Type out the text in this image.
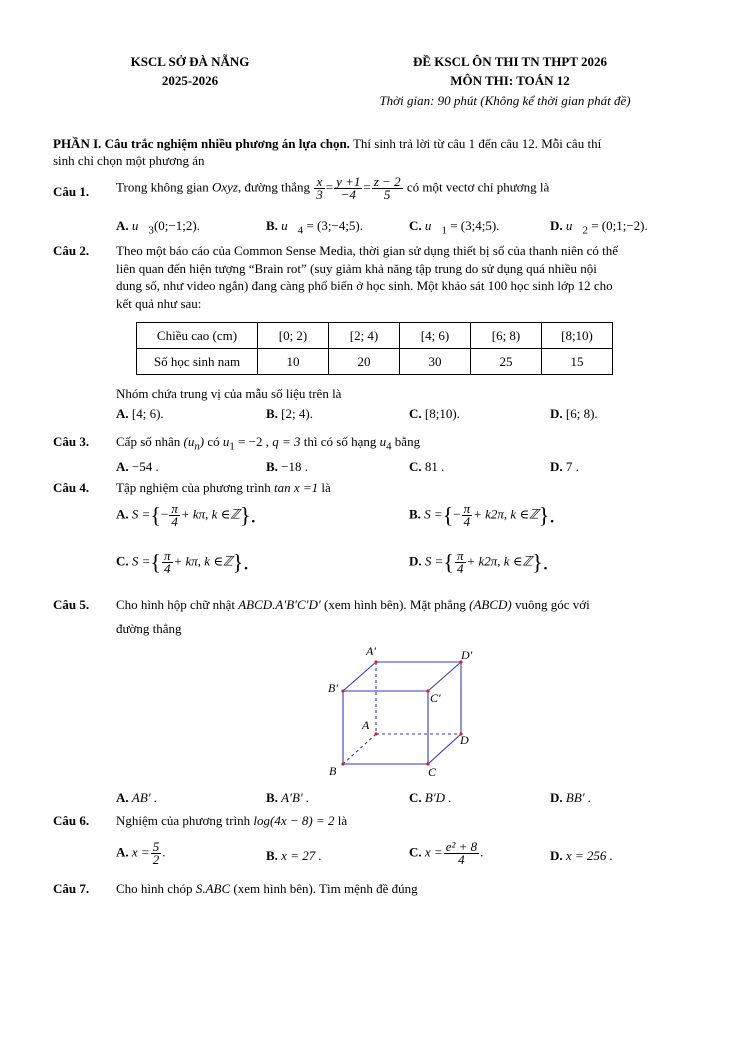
KSCL SỞ ĐÀ NẴNG
2025-2026
ĐỀ KSCL ÔN THI TN THPT 2026
MÔN THI: TOÁN 12
Thời gian: 90 phút (Không kể thời gian phát đề)
PHẦN I. Câu trắc nghiệm nhiều phương án lựa chọn. Thí sinh trả lời từ câu 1 đến câu 12. Mỗi câu thí
sinh chỉ chọn một phương án
Câu 1. Trong không gian Oxyz, đường thẳng $\frac{x}{3} = \frac{y +1}{-4} = \frac{z - 2}{5}$ có một vectơ chỉ phương là
A. $u⃗_3(0;-1;2)$.	B. $u⃗_4$ = (3;−4;5).	C. $u⃗_1$ = (3;4;5).	D. $u⃗_2$ = (0;1;−2).
Câu 2. Theo một báo cáo của Common Sense Media, thời gian sử dụng thiết bị số của thanh niên có thể
liên quan đến hiện tượng “Brain rot” (suy giảm khả năng tập trung do sử dụng quá nhiều nội
dung số, như video ngắn) đang càng phổ biến ở học sinh. Một khảo sát 100 học sinh lớp 12 cho
kết quả như sau:
Chiều cao (cm)	[0; 2)	[2; 4)	[4; 6)	[6; 8)	[8;10)
Số học sinh nam	10	20	30	25	15
Nhóm chứa trung vị của mẫu số liệu trên là
A. [4; 6).	B. [2; 4).	C. [8;10).	D. [6; 8).
Câu 3. Cấp số nhân $(u_n)$ có $u_1 = -2$ , q = 3 thì có số hạng $u_4$ bằng
A. −54 .	B. −18 .	C. 81 .	D. 7 .
Câu 4. Tập nghiệm của phương trình tan x =1 là
A. S ={− $\frac{\pi}{4} + k\pi$, k ∈ℤ}.	B. S ={− $\frac{\pi}{4} + k2\pi$, k ∈ℤ}.
C. S ={ $\frac{\pi}{4} + k\pi$, k ∈ℤ}.	D. S ={ $\frac{\pi}{4} + k2\pi$, k ∈ℤ}.
Câu 5. Cho hình hộp chữ nhật ABCD.A′B′C′D′ (xem hình bên). Mặt phẳng (ABCD) vuông góc với
đường thẳng
A′	D′
B′
C′
A
D
B	C
A. AB′ .	B. A′B′ .	C. B′D .	D. BB′ .
Câu 6. Nghiệm của phương trình log(4x − 8) = 2 là
A. $x = \frac{5}{2}$ .	B. x = 27 .	C. $x = \frac{\text{e² + 8}}{4}$ .	D. x = 256 .
Câu 7. Cho hình chóp S.ABC (xem hình bên). Tìm mệnh đề đúng
